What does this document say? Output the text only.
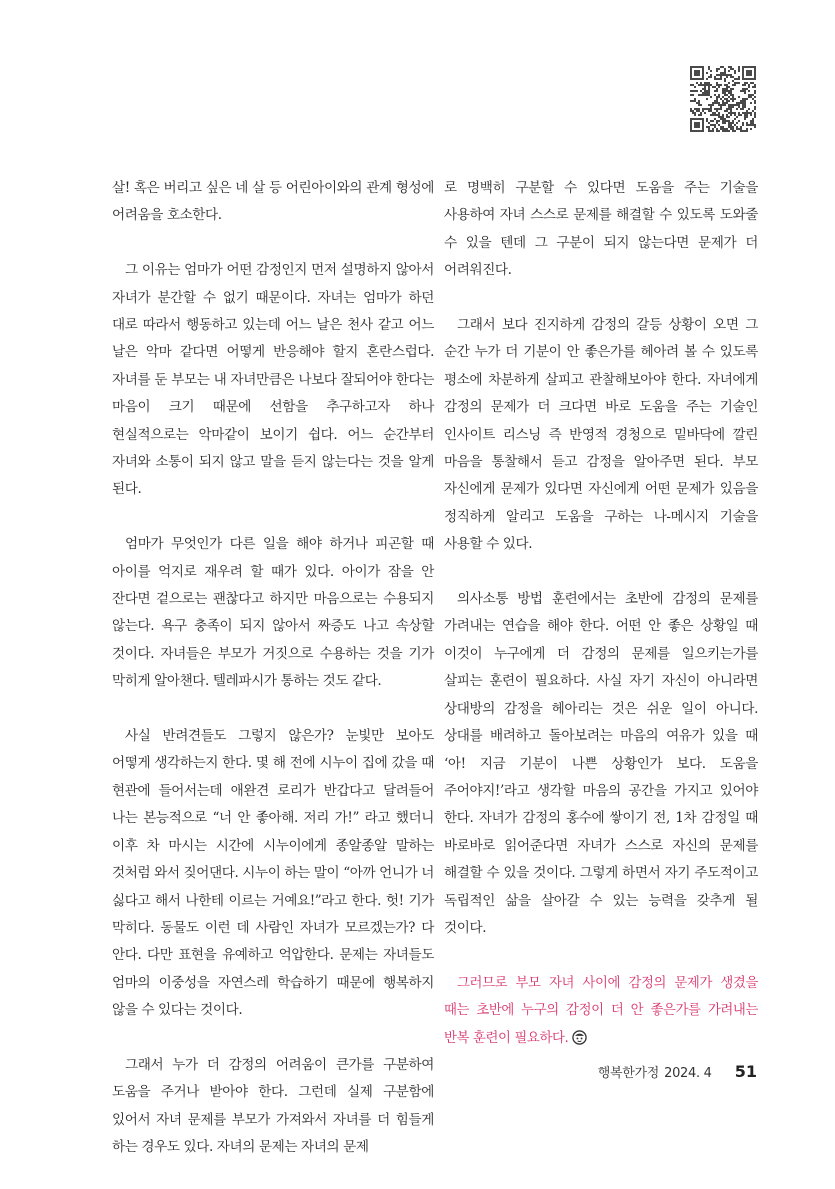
살! 혹은 버리고 싶은 네 살 등 어린아이와의 관계 형성에 어려움을 호소한다.

그 이유는 엄마가 어떤 감정인지 먼저 설명하지 않아서 자녀가 분간할 수 없기 때문이다. 자녀는 엄마가 하던 대로 따라서 행동하고 있는데 어느 날은 천사 같고 어느 날은 악마 같다면 어떻게 반응해야 할지 혼란스럽다. 자녀를 둔 부모는 내 자녀만큼은 나보다 잘되어야 한다는 마음이 크기 때문에 선함을 추구하고자 하나 현실적으로는 악마같이 보이기 쉽다. 어느 순간부터 자녀와 소통이 되지 않고 말을 듣지 않는다는 것을 알게 된다.

엄마가 무엇인가 다른 일을 해야 하거나 피곤할 때 아이를 억지로 재우려 할 때가 있다. 아이가 잠을 안 잔다면 겉으로는 괜찮다고 하지만 마음으로는 수용되지 않는다. 욕구 충족이 되지 않아서 짜증도 나고 속상할 것이다. 자녀들은 부모가 거짓으로 수용하는 것을 기가 막히게 알아챈다. 텔레파시가 통하는 것도 같다.

사실 반려견들도 그렇지 않은가? 눈빛만 보아도 어떻게 생각하는지 한다. 몇 해 전에 시누이 집에 갔을 때 현관에 들어서는데 애완견 로리가 반갑다고 달려들어 나는 본능적으로 “너 안 좋아해. 저리 가!” 라고 했더니 이후 차 마시는 시간에 시누이에게 종알종알 말하는 것처럼 와서 짖어댄다. 시누이 하는 말이 “아까 언니가 너 싫다고 해서 나한테 이르는 거예요!”라고 한다. 헛! 기가 막히다. 동물도 이런 데 사람인 자녀가 모르겠는가? 다 안다. 다만 표현을 유예하고 억압한다. 문제는 자녀들도 엄마의 이중성을 자연스레 학습하기 때문에 행복하지 않을 수 있다는 것이다.

그래서 누가 더 감정의 어려움이 큰가를 구분하여 도움을 주거나 받아야 한다. 그런데 실제 구분함에 있어서 자녀 문제를 부모가 가져와서 자녀를 더 힘들게 하는 경우도 있다. 자녀의 문제는 자녀의 문제

로 명백히 구분할 수 있다면 도움을 주는 기술을 사용하여 자녀 스스로 문제를 해결할 수 있도록 도와줄 수 있을 텐데 그 구분이 되지 않는다면 문제가 더 어려워진다.

그래서 보다 진지하게 감정의 갈등 상황이 오면 그 순간 누가 더 기분이 안 좋은가를 헤아려 볼 수 있도록 평소에 차분하게 살피고 관찰해보아야 한다. 자녀에게 감정의 문제가 더 크다면 바로 도움을 주는 기술인 인사이트 리스닝 즉 반영적 경청으로 밑바닥에 깔린 마음을 통찰해서 듣고 감정을 알아주면 된다. 부모 자신에게 문제가 있다면 자신에게 어떤 문제가 있음을 정직하게 알리고 도움을 구하는 나-메시지 기술을 사용할 수 있다.

의사소통 방법 훈련에서는 초반에 감정의 문제를 가려내는 연습을 해야 한다. 어떤 안 좋은 상황일 때 이것이 누구에게 더 감정의 문제를 일으키는가를 살피는 훈련이 필요하다. 사실 자기 자신이 아니라면 상대방의 감정을 헤아리는 것은 쉬운 일이 아니다. 상대를 배려하고 돌아보려는 마음의 여유가 있을 때 ‘아! 지금 기분이 나쁜 상황인가 보다. 도움을 주어야지!’라고 생각할 마음의 공간을 가지고 있어야 한다. 자녀가 감정의 홍수에 쌓이기 전, 1차 감정일 때 바로바로 읽어준다면 자녀가 스스로 자신의 문제를 해결할 수 있을 것이다. 그렇게 하면서 자기 주도적이고 독립적인 삶을 살아갈 수 있는 능력을 갖추게 될 것이다.

그러므로 부모 자녀 사이에 감정의 문제가 생겼을 때는 초반에 누구의 감정이 더 안 좋은가를 가려내는 반복 훈련이 필요하다.

행복한가정 2024. 4 51
